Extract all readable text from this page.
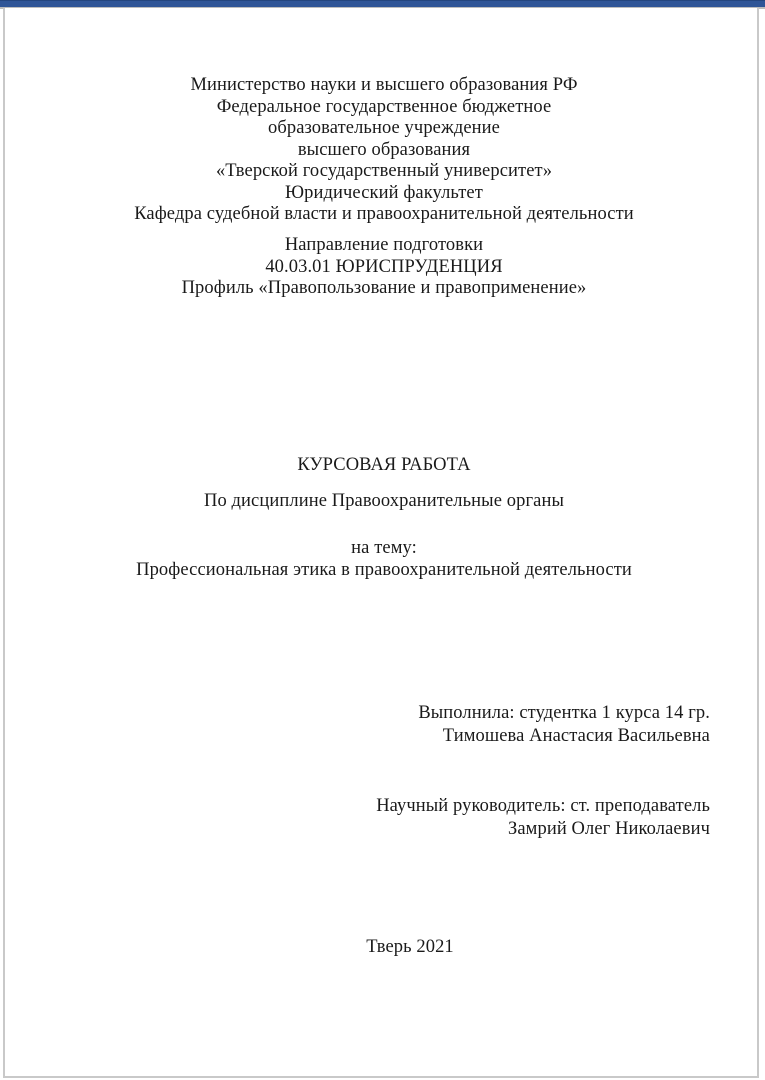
Министерство науки и высшего образования РФ
Федеральное государственное бюджетное
образовательное учреждение
высшего образования
«Тверской государственный университет»
Юридический факультет
Кафедра судебной власти и правоохранительной деятельности
Направление подготовки
40.03.01 ЮРИСПРУДЕНЦИЯ
Профиль «Правопользование и правоприменение»
КУРСОВАЯ РАБОТА
По дисциплине Правоохранительные органы
на тему:
Профессиональная этика в правоохранительной деятельности
Выполнила: студентка 1 курса 14 гр.
Тимошева Анастасия Васильевна
Научный руководитель: ст. преподаватель
Замрий Олег Николаевич
Тверь 2021
